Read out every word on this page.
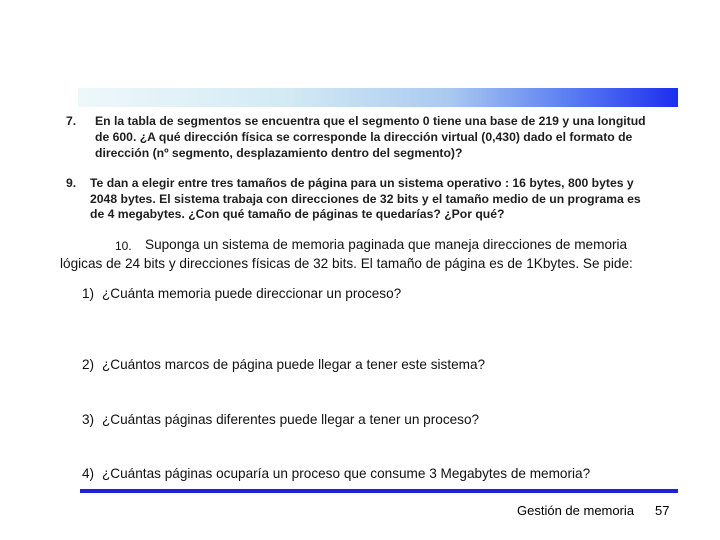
7. En la tabla de segmentos se encuentra que el segmento 0 tiene una base de 219 y una longitud
de 600. ¿A qué dirección física se corresponde la dirección virtual (0,430) dado el formato de
dirección (nº segmento, desplazamiento dentro del segmento)?
9. Te dan a elegir entre tres tamaños de página para un sistema operativo : 16 bytes, 800 bytes y
2048 bytes. El sistema trabaja con direcciones de 32 bits y el tamaño medio de un programa es
de 4 megabytes. ¿Con qué tamaño de páginas te quedarías? ¿Por qué?
10. Suponga un sistema de memoria paginada que maneja direcciones de memoria
lógicas de 24 bits y direcciones físicas de 32 bits. El tamaño de página es de 1Kbytes. Se pide:
1) ¿Cuánta memoria puede direccionar un proceso?
2) ¿Cuántos marcos de página puede llegar a tener este sistema?
3) ¿Cuántas páginas diferentes puede llegar a tener un proceso?
4) ¿Cuántas páginas ocuparía un proceso que consume 3 Megabytes de memoria?
Gestión de memoria 57
